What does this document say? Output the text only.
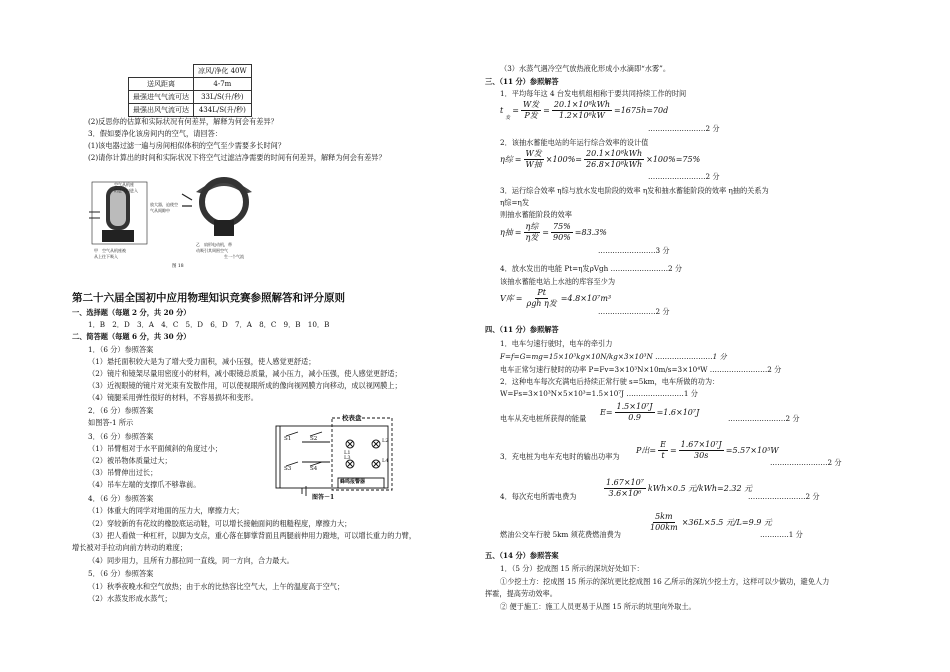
	凉风/净化 40W
送风距离	4-7m
最强进气气流可达	33L/S(升/秒)
最强出风气流可达	434L/S(升/秒)
(2)反思你的估算和实际状况有何差异，解释为何会有差异？
3．假如要净化该房间内的空气，请回答：
(1)该电器过滤一遍与房间相似体积的空气至少需要多长时间？
(2)请你计算出的时间和实际状况下将空气过滤洁净需要的时间有何差异，解释为何会有差异？
空气从机座
的进气口进入
放大器，迫使空
气从间隙中
甲　空气从机座被
从上往下吸入
乙　扇形电动机，带
动吸引其周围空气
生一个气流
图 18
第二十六届全国初中应用物理知识竞赛参照解答和评分原则
一、选择题（每题 2 分，共 20 分）
1．B　2．D　3．A　4．C　5．D　6．D　7．A　8．C　9．B　10．B
二、简答题（每题 6 分，共 30 分）
1．（6 分）参照答案
（1）悬托面积较大是为了增大受力面积，减小压强，使人感觉更舒适；
（2）镜片和镜架尽量用密度小的材料，减小眼镜总质量，减小压力，减小压强，使人感觉更舒适；
（3）近视眼镜的镜片对光束有发散作用，可以使视眼所成的像向视网膜方向移动，成以视网膜上；
（4）镜腿采用弹性很好的材料，不容易损坏和变形。
2．（6 分）参照答案
如图答-1 所示
3．（6 分）参照答案
（1）吊臂相对于水平面倾斜的角度过小；
（2）被吊物体质量过大；
（3）吊臂伸出过长；
（4）吊车左端的支撑爪不够靠前。
4．（6 分）参照答案
（1）体重大的同学对地面的压力大，摩擦力大；
（2）穿较新的有花纹的橡胶底运动鞋，可以增长接触面间的粗糙程度，摩擦力大；
（3）把人看做一种杠杆，以脚为支点，重心落在脚掌背面且两腿前伸用力蹬地，可以增长重力的力臂，
增长被对手拉动向前方转动的难度；
（4）同步用力，且所有力都拉同一直线，同一方向，合力最大。
5．（6 分）参照答案
（1）秋季夜晚水和空气放热；由于水的比热容比空气大，上午的温度高于空气；
（2）水蒸发形成水蒸气；
校表盘
S1	S2
S3	S4
L1
L2
L3	L4
蜂鸣报警器
图答－1
（3）水蒸气遇冷空气放热液化形成小水滴即“水雾”。
三、（11 分）参照解答
1．平均每年这 4 台发电机组相称于要共同持续工作的时间
t
发
= $\frac{\text{W发}}{\text{P发}} = \frac{\text{20.1×10⁸kWh}}{\text{1.2×10⁶kW}} =1675h=70d$
……………………2 分
2．该抽水蓄能电站的年运行综合效率的设计值
η综 = $\frac{\text{W发}}{\text{W抽}} \times 100\%= \frac{\text{20.1×10⁸kWh}}{\text{26.8×10⁸kWh}} \times 100\%=75\%$
……………………2 分
3．运行综合效率 η综与放水发电阶段的效率 η发和抽水蓄能阶段的效率 η抽的关系为
η综=η发
则抽水蓄能阶段的效率
η抽 = $\frac{\text{η综}}{\text{η发}} = \frac{75\%}{90\%} =83.3\%$
……………………3 分
4．放水发出的电能 Pt=η发ρVgh ……………………2 分
该抽水蓄能电站上水池的库容至少为
V库 = $\frac{Pt}{\text{ρgh η发}} =4.8\times 10^7m^3$
……………………2 分
四、（11 分）参照解答
1．电车匀速行驶时，电车的牵引力
F=f=G=mg=15×10³kg×10N/kg×3×10³N ……………………1 分
电车正常匀速行驶时的功率 P=Fv=3×10³N×10m/s=3×10⁴W ……………………2 分
2．这种电车每次充满电后持续正常行驶 s=5km，电车所做的功为：
W=Fs=3×10³N×5×10³=1.5×10⁷J ……………………1 分
电车从充电桩所获得的能量
$E= \frac{\text{1.5×10⁷J}}{0.9} =1.6\times 10^7J$
……………………2 分
3．充电桩为电车充电时的输出功率为
P出= $\frac{E}{t} = \frac{\text{1.67×10⁷J}}{30s} =5.57\times 10^5W$
……………………2 分
4．每次充电所需电费为	$\frac{\text{1.67×10⁷}}{\text{3.6×10⁶}} kWh\times 0.5$ 元/kWh=2.32 元
……………………2 分
燃油公交车行驶 5km 须花费燃油费为
$\frac{5km}{100km} \times 36L\times 5.5$ 元/L=9.9 元
…………1 分
五、（14 分）参照答案
1．（5 分）挖成图 15 所示的深坑好处如下：
①少挖土方：挖成图 15 所示的深坑更比挖成图 16 乙所示的深坑少挖土方，这样可以少做功，避免人力
挥霍，提高劳动效率。
② 便于施工：施工人员更易于从图 15 所示的坑里向外取土。
